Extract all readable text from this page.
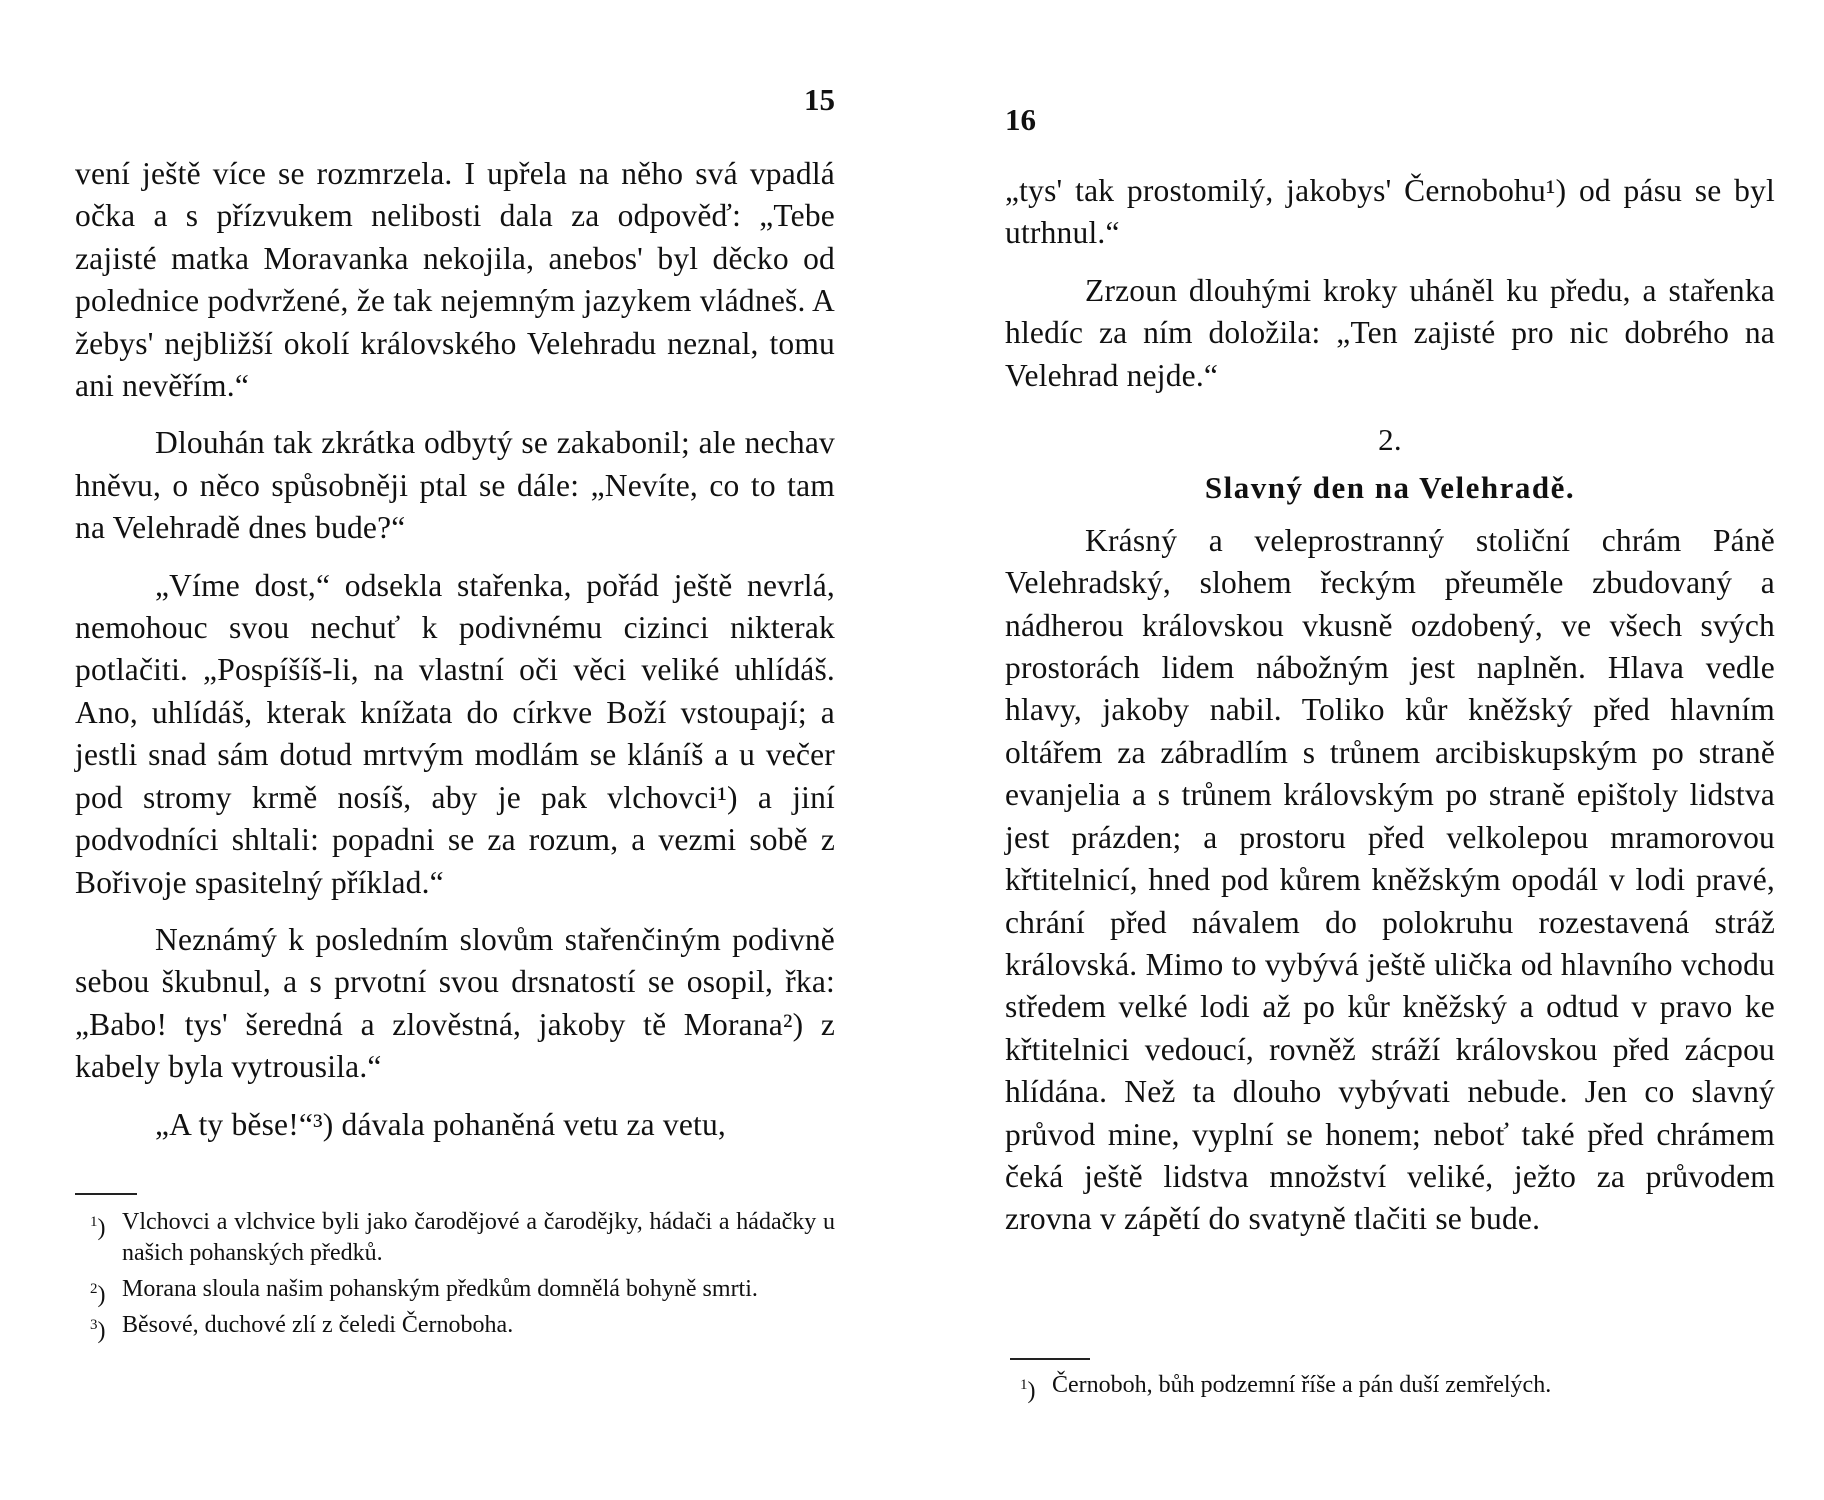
15

vení ještě více se rozmrzela. I upřela na něho svá vpadlá očka a s přízvukem nelibosti dala za odpověď: „Tebe zajisté matka Moravanka nekojila, anebos' byl děcko od polednice podvržené, že tak nejemným jazykem vládneš. A žebys' nejbližší okolí královského Velehradu neznal, tomu ani nevěřím.“

Dlouhán tak zkrátka odbytý se zakabonil; ale nechav hněvu, o něco spůsobněji ptal se dále: „Nevíte, co to tam na Velehradě dnes bude?“

„Víme dost,“ odsekla stařenka, pořád ještě nevrlá, nemohouc svou nechuť k podivnému cizinci nikterak potlačiti. „Pospíšíš-li, na vlastní oči věci veliké uhlídáš. Ano, uhlídáš, kterak knížata do církve Boží vstoupají; a jestli snad sám dotud mrtvým modlám se kláníš a u večer pod stromy krmě nosíš, aby je pak vlchovci¹) a jiní podvodníci shltali: popadni se za rozum, a vezmi sobě z Bořivoje spasitelný příklad.“

Neznámý k posledním slovům stařenčiným podivně sebou škubnul, a s prvotní svou drsnatostí se osopil, řka: „Babo! tys' šeredná a zlověstná, jakoby tě Morana²) z kabely byla vytrousila.“

„A ty běse!“³) dávala pohaněná vetu za vetu,

$^1$) Vlchovci a vlchvice byli jako čarodějové a čarodějky, hádači a hádačky u našich pohanských předků.
$^2$) Morana sloula našim pohanským předkům domnělá bohyně smrti.
$^3$) Běsové, duchové zlí z čeledi Černoboha.
16

„tys' tak prostomilý, jakobys' Černobohu¹) od pásu se byl utrhnul.“

Zrzoun dlouhými kroky uháněl ku předu, a stařenka hledíc za ním doložila: „Ten zajisté pro nic dobrého na Velehrad nejde.“

2.
Slavný den na Velehradě.

Krásný a veleprostranný stoliční chrám Páně Velehradský, slohem řeckým přeuměle zbudovaný a nádherou královskou vkusně ozdobený, ve všech svých prostorách lidem nábožným jest naplněn. Hlava vedle hlavy, jakoby nabil. Toliko kůr kněžský před hlavním oltářem za zábradlím s trůnem arcibiskupským po straně evanjelia a s trůnem královským po straně epištoly lidstva jest prázden; a prostoru před velkolepou mramorovou křtitelnicí, hned pod kůrem kněžským opodál v lodi pravé, chrání před návalem do polokruhu rozestavená stráž královská. Mimo to vybývá ještě ulička od hlavního vchodu středem velké lodi až po kůr kněžský a odtud v pravo ke křtitelnici vedoucí, rovněž stráží královskou před zácpou hlídána. Než ta dlouho vybývati nebude. Jen co slavný průvod mine, vyplní se honem; neboť také před chrámem čeká ještě lidstva množství veliké, ježto za průvodem zrovna v zápětí do svatyně tlačiti se bude.

$^1$) Černoboh, bůh podzemní říše a pán duší zemřelých.
